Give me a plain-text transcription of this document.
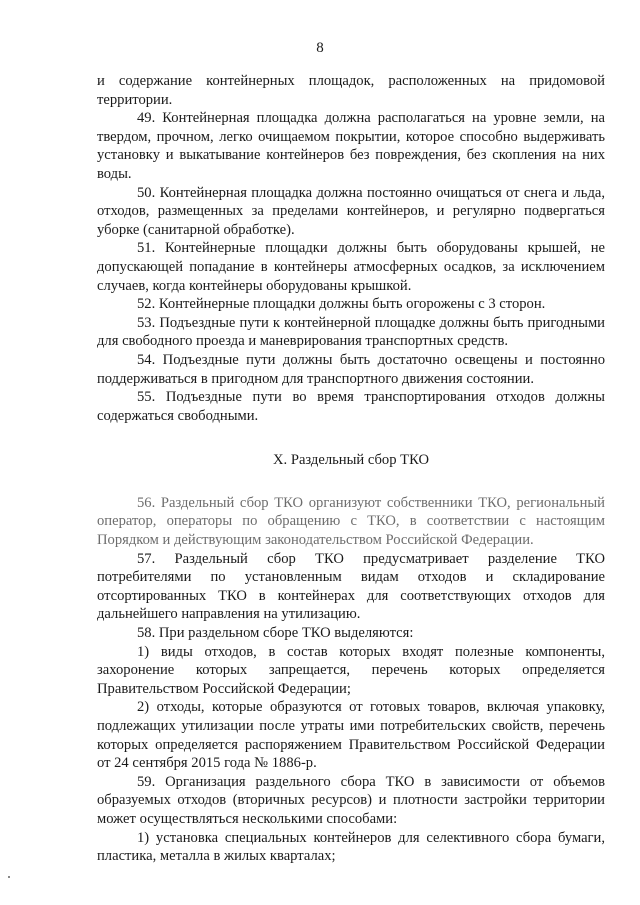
8

и содержание контейнерных площадок, расположенных на придомовой территории.

49. Контейнерная площадка должна располагаться на уровне земли, на твердом, прочном, легко очищаемом покрытии, которое способно выдерживать установку и выкатывание контейнеров без повреждения, без скопления на них воды.

50. Контейнерная площадка должна постоянно очищаться от снега и льда, отходов, размещенных за пределами контейнеров, и регулярно подвергаться уборке (санитарной обработке).

51. Контейнерные площадки должны быть оборудованы крышей, не допускающей попадание в контейнеры атмосферных осадков, за исключением случаев, когда контейнеры оборудованы крышкой.

52. Контейнерные площадки должны быть огорожены с 3 сторон.

53. Подъездные пути к контейнерной площадке должны быть пригодными для свободного проезда и маневрирования транспортных средств.

54. Подъездные пути должны быть достаточно освещены и постоянно поддерживаться в пригодном для транспортного движения состоянии.

55. Подъездные пути во время транспортирования отходов должны содержаться свободными.

X. Раздельный сбор ТКО

56. Раздельный сбор ТКО организуют собственники ТКО, региональный оператор, операторы по обращению с ТКО, в соответствии с настоящим Порядком и действующим законодательством Российской Федерации.

57. Раздельный сбор ТКО предусматривает разделение ТКО потребителями по установленным видам отходов и складирование отсортированных ТКО в контейнерах для соответствующих отходов для дальнейшего направления на утилизацию.

58. При раздельном сборе ТКО выделяются:

1) виды отходов, в состав которых входят полезные компоненты, захоронение которых запрещается, перечень которых определяется Правительством Российской Федерации;

2) отходы, которые образуются от готовых товаров, включая упаковку, подлежащих утилизации после утраты ими потребительских свойств, перечень которых определяется распоряжением Правительством Российской Федерации от 24 сентября 2015 года № 1886-р.

59. Организация раздельного сбора ТКО в зависимости от объемов образуемых отходов (вторичных ресурсов) и плотности застройки территории может осуществляться несколькими способами:

1) установка специальных контейнеров для селективного сбора бумаги, пластика, металла в жилых кварталах;
